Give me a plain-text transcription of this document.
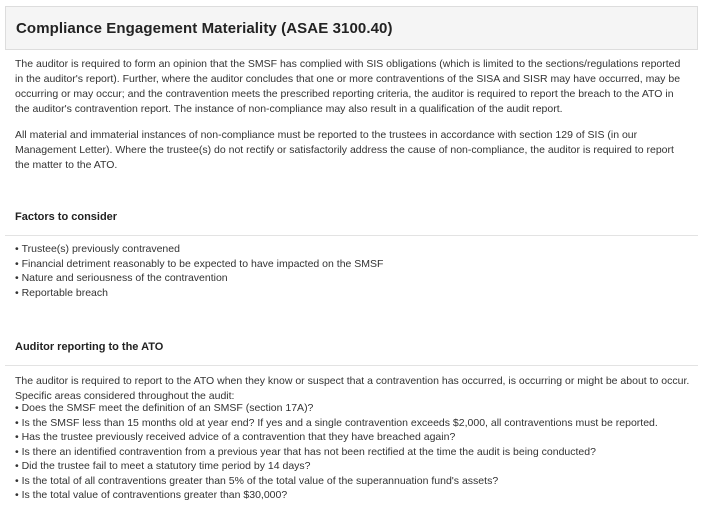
Compliance Engagement Materiality (ASAE 3100.40)

The auditor is required to form an opinion that the SMSF has complied with SIS obligations (which is limited to the sections/regulations reported in the auditor's report). Further, where the auditor concludes that one or more contraventions of the SISA and SISR may have occurred, may be occurring or may occur; and the contravention meets the prescribed reporting criteria, the auditor is required to report the breach to the ATO in the auditor's contravention report. The instance of non-compliance may also result in a qualification of the audit report.

All material and immaterial instances of non-compliance must be reported to the trustees in accordance with section 129 of SIS (in our Management Letter). Where the trustee(s) do not rectify or satisfactorily address the cause of non-compliance, the auditor is required to report the matter to the ATO.

Factors to consider
• Trustee(s) previously contravened
• Financial detriment reasonably to be expected to have impacted on the SMSF
• Nature and seriousness of the contravention
• Reportable breach
Auditor reporting to the ATO

The auditor is required to report to the ATO when they know or suspect that a contravention has occurred, is occurring or might be about to occur. Specific areas considered throughout the audit:

• Does the SMSF meet the definition of an SMSF (section 17A)?
• Is the SMSF less than 15 months old at year end? If yes and a single contravention exceeds $2,000, all contraventions must be reported.
• Has the trustee previously received advice of a contravention that they have breached again?
• Is there an identified contravention from a previous year that has not been rectified at the time the audit is being conducted?
• Did the trustee fail to meet a statutory time period by 14 days?
• Is the total of all contraventions greater than 5% of the total value of the superannuation fund's assets?
• Is the total value of contraventions greater than $30,000?
